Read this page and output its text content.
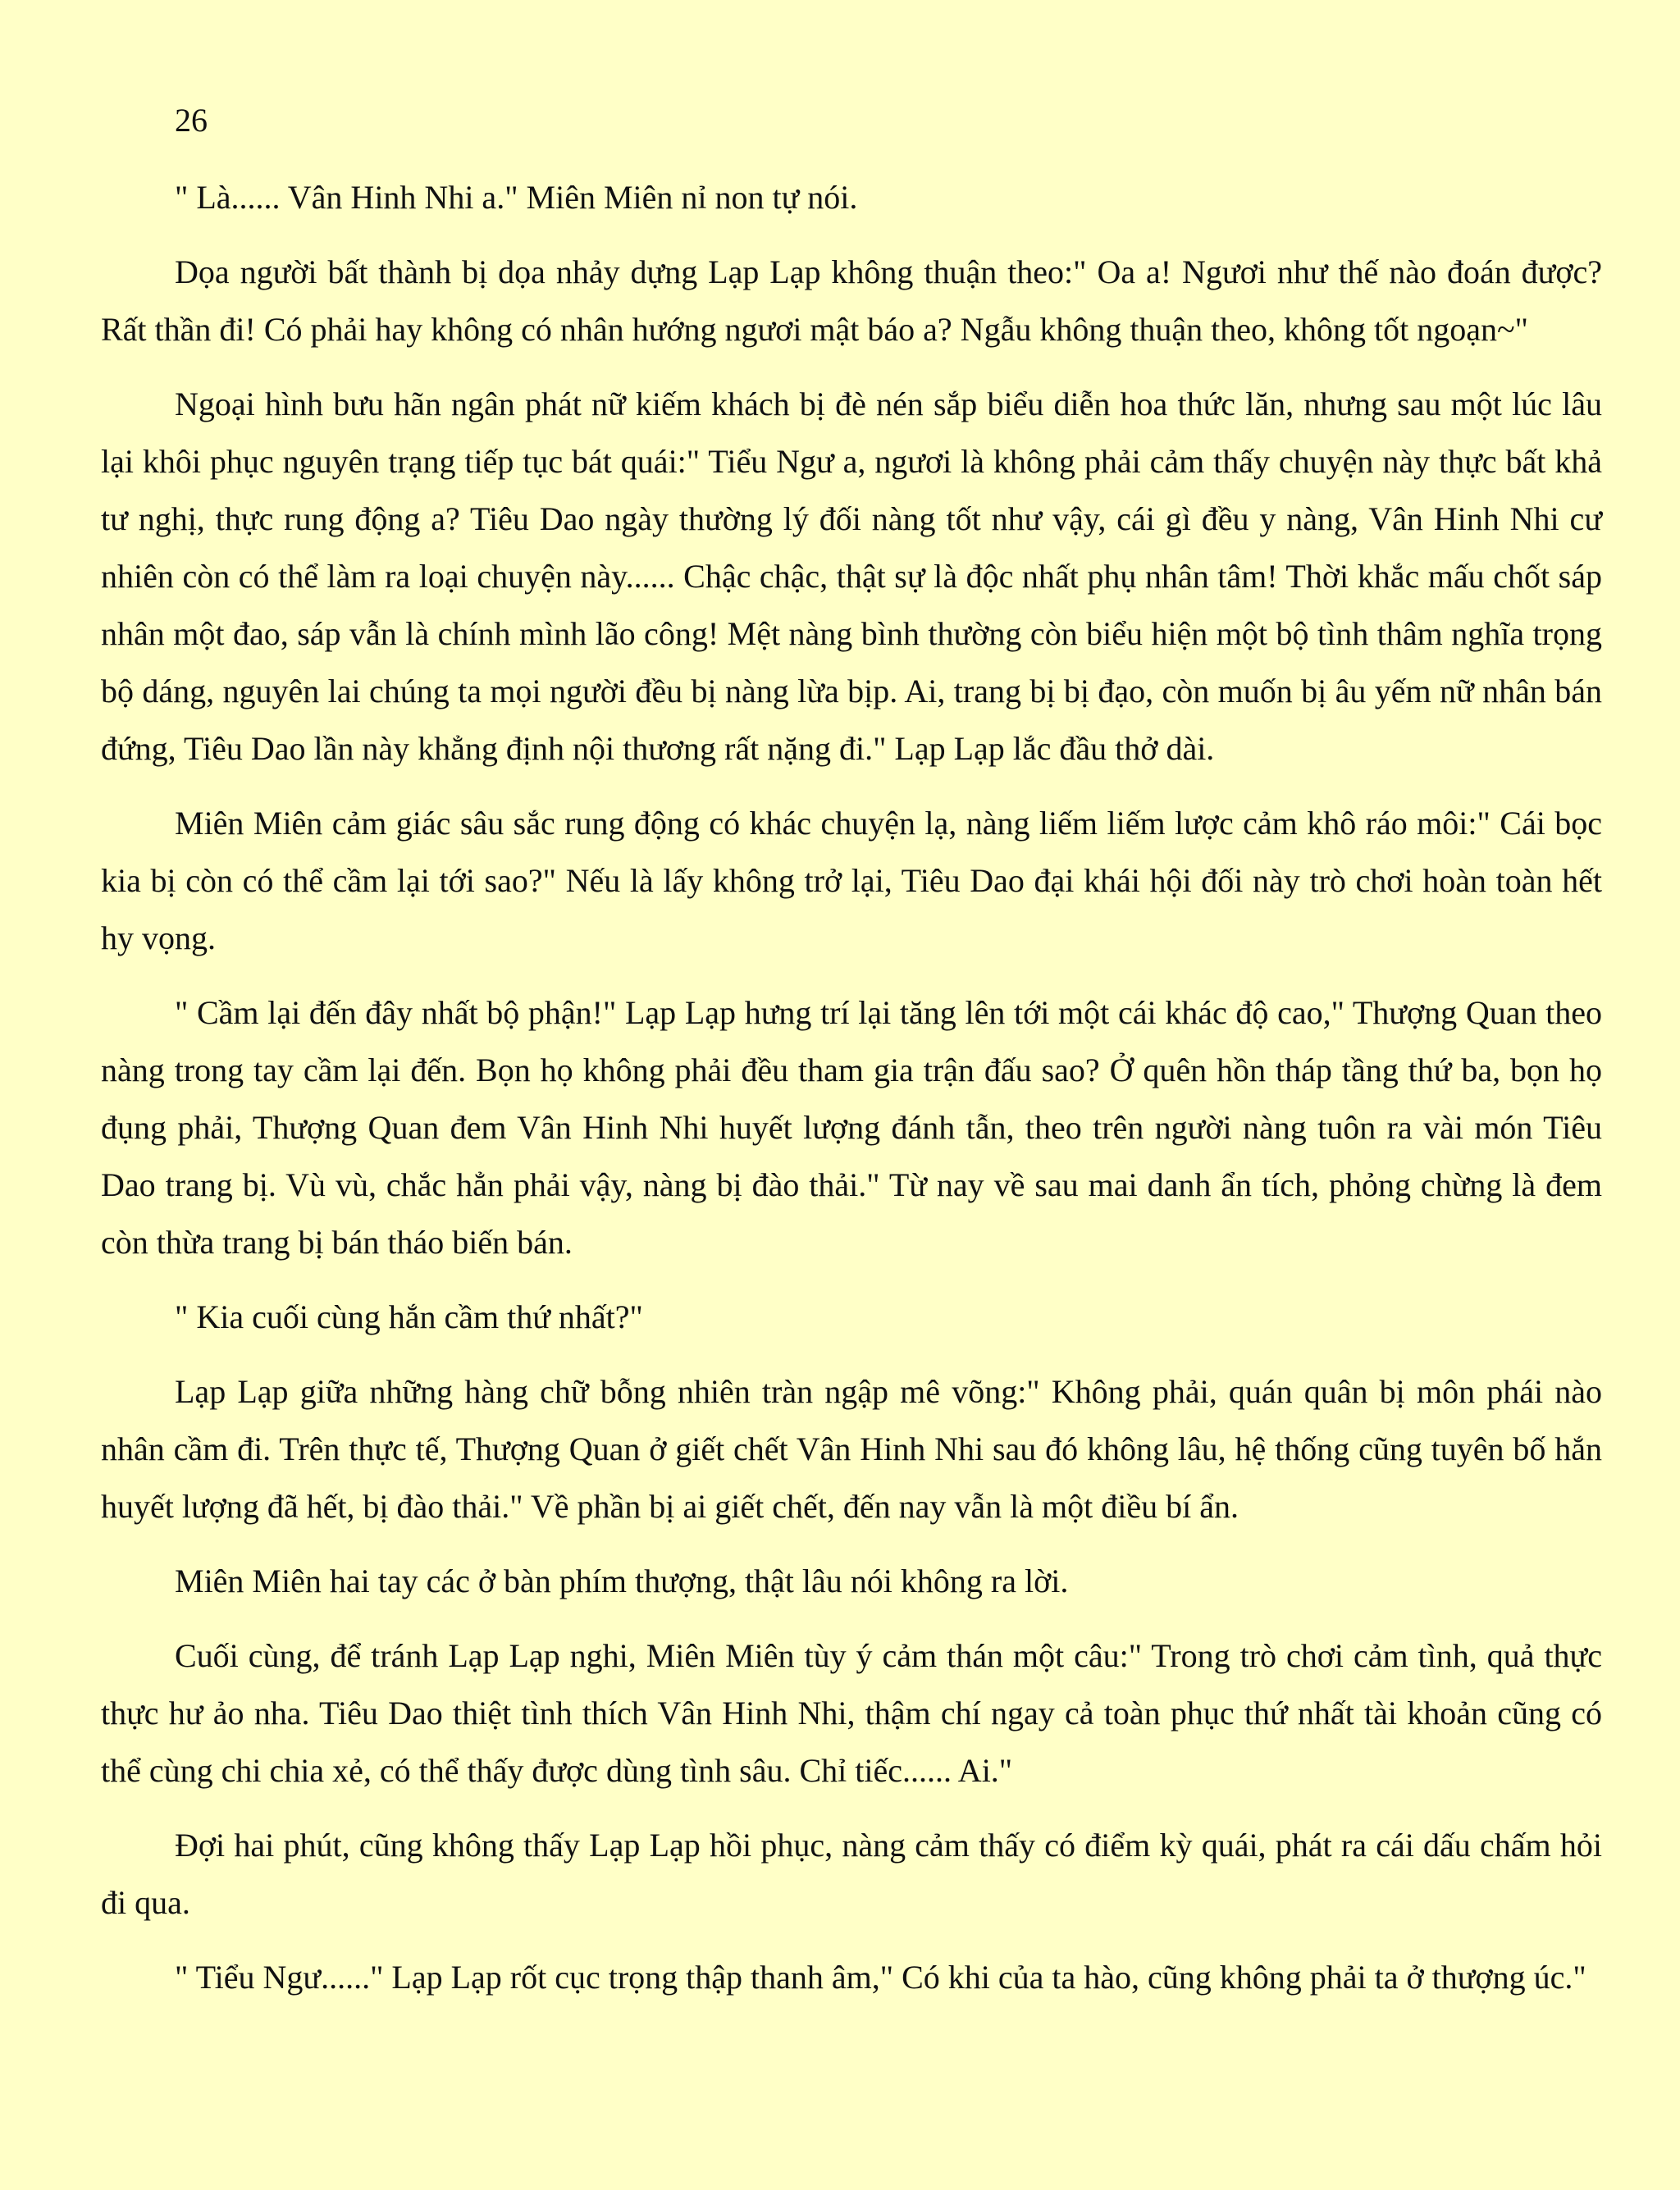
26

" Là...... Vân Hinh Nhi a." Miên Miên nỉ non tự nói.

Dọa người bất thành bị dọa nhảy dựng Lạp Lạp không thuận theo:" Oa a! Ngươi như thế nào đoán được? Rất thần đi! Có phải hay không có nhân hướng ngươi mật báo a? Ngẫu không thuận theo, không tốt ngoạn~"

Ngoại hình bưu hãn ngân phát nữ kiếm khách bị đè nén sắp biểu diễn hoa thức lăn, nhưng sau một lúc lâu lại khôi phục nguyên trạng tiếp tục bát quái:" Tiểu Ngư a, ngươi là không phải cảm thấy chuyện này thực bất khả tư nghị, thực rung động a? Tiêu Dao ngày thường lý đối nàng tốt như vậy, cái gì đều y nàng, Vân Hinh Nhi cư nhiên còn có thể làm ra loại chuyện này...... Chậc chậc, thật sự là độc nhất phụ nhân tâm! Thời khắc mấu chốt sáp nhân một đao, sáp vẫn là chính mình lão công! Mệt nàng bình thường còn biểu hiện một bộ tình thâm nghĩa trọng bộ dáng, nguyên lai chúng ta mọi người đều bị nàng lừa bịp. Ai, trang bị bị đạo, còn muốn bị âu yếm nữ nhân bán đứng, Tiêu Dao lần này khẳng định nội thương rất nặng đi." Lạp Lạp lắc đầu thở dài.

Miên Miên cảm giác sâu sắc rung động có khác chuyện lạ, nàng liếm liếm lược cảm khô ráo môi:" Cái bọc kia bị còn có thể cầm lại tới sao?" Nếu là lấy không trở lại, Tiêu Dao đại khái hội đối này trò chơi hoàn toàn hết hy vọng.

" Cầm lại đến đây nhất bộ phận!" Lạp Lạp hưng trí lại tăng lên tới một cái khác độ cao," Thượng Quan theo nàng trong tay cầm lại đến. Bọn họ không phải đều tham gia trận đấu sao? Ở quên hồn tháp tầng thứ ba, bọn họ đụng phải, Thượng Quan đem Vân Hinh Nhi huyết lượng đánh tẫn, theo trên người nàng tuôn ra vài món Tiêu Dao trang bị. Vù vù, chắc hẳn phải vậy, nàng bị đào thải." Từ nay về sau mai danh ẩn tích, phỏng chừng là đem còn thừa trang bị bán tháo biến bán.

" Kia cuối cùng hắn cầm thứ nhất?"

Lạp Lạp giữa những hàng chữ bỗng nhiên tràn ngập mê võng:" Không phải, quán quân bị môn phái nào nhân cầm đi. Trên thực tế, Thượng Quan ở giết chết Vân Hinh Nhi sau đó không lâu, hệ thống cũng tuyên bố hắn huyết lượng đã hết, bị đào thải." Về phần bị ai giết chết, đến nay vẫn là một điều bí ẩn.

Miên Miên hai tay các ở bàn phím thượng, thật lâu nói không ra lời.

Cuối cùng, để tránh Lạp Lạp nghi, Miên Miên tùy ý cảm thán một câu:" Trong trò chơi cảm tình, quả thực thực hư ảo nha. Tiêu Dao thiệt tình thích Vân Hinh Nhi, thậm chí ngay cả toàn phục thứ nhất tài khoản cũng có thể cùng chi chia xẻ, có thể thấy được dùng tình sâu. Chỉ tiếc...... Ai."

Đợi hai phút, cũng không thấy Lạp Lạp hồi phục, nàng cảm thấy có điểm kỳ quái, phát ra cái dấu chấm hỏi đi qua.

" Tiểu Ngư......" Lạp Lạp rốt cục trọng thập thanh âm," Có khi của ta hào, cũng không phải ta ở thượng úc."
